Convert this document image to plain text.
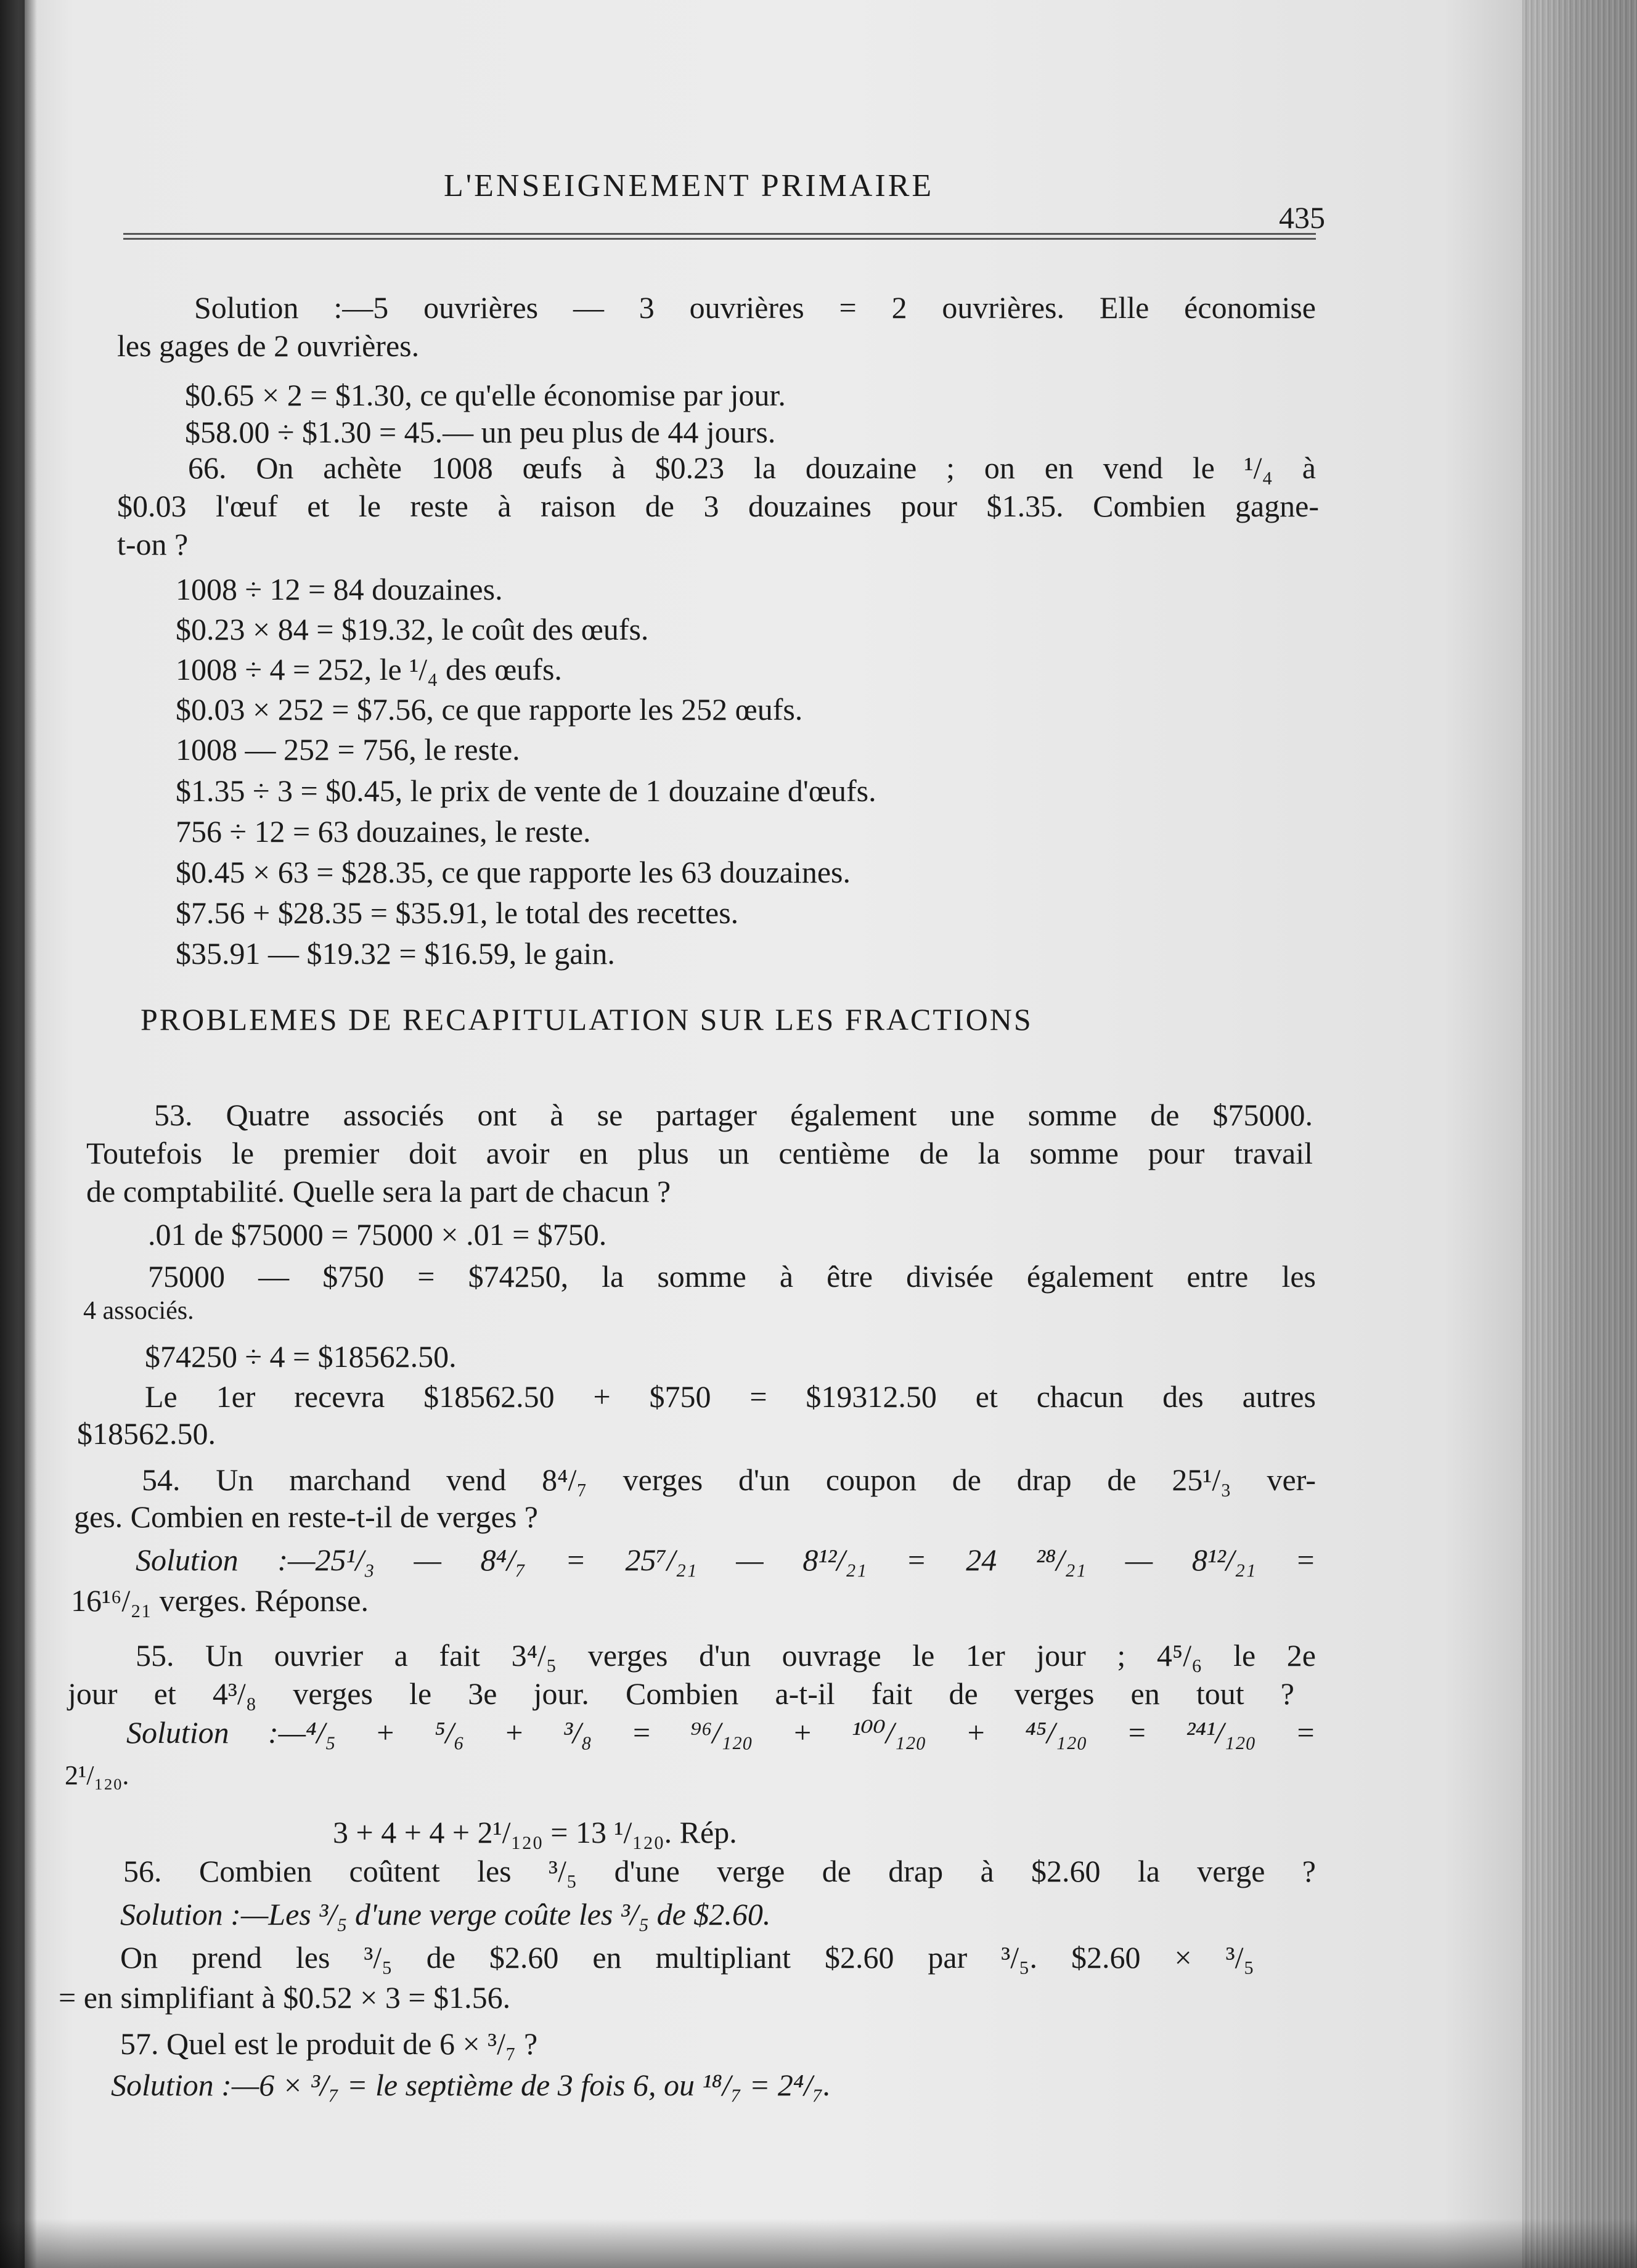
L'ENSEIGNEMENT PRIMAIRE
435
Solution :—5 ouvrières — 3 ouvrières = 2 ouvrières. Elle économise
les gages de 2 ouvrières.
$0.65 × 2 = $1.30, ce qu'elle économise par jour.
$58.00 ÷ $1.30 = 45.— un peu plus de 44 jours.
66. On achète 1008 œufs à $0.23 la douzaine ; on en vend le ¹/₄ à
$0.03 l'œuf et le reste à raison de 3 douzaines pour $1.35. Combien gagne-
t-on ?
1008 ÷ 12 = 84 douzaines.
$0.23 × 84 = $19.32, le coût des œufs.
1008 ÷ 4 = 252, le ¹/₄ des œufs.
$0.03 × 252 = $7.56, ce que rapporte les 252 œufs.
1008 — 252 = 756, le reste.
$1.35 ÷ 3 = $0.45, le prix de vente de 1 douzaine d'œufs.
756 ÷ 12 = 63 douzaines, le reste.
$0.45 × 63 = $28.35, ce que rapporte les 63 douzaines.
$7.56 + $28.35 = $35.91, le total des recettes.
$35.91 — $19.32 = $16.59, le gain.
PROBLEMES DE RECAPITULATION SUR LES FRACTIONS
53. Quatre associés ont à se partager également une somme de $75000.
Toutefois le premier doit avoir en plus un centième de la somme pour travail
de comptabilité. Quelle sera la part de chacun ?
.01 de $75000 = 75000 × .01 = $750.
75000 — $750 = $74250, la somme à être divisée également entre les
4 associés.
$74250 ÷ 4 = $18562.50.
Le 1er recevra $18562.50 + $750 = $19312.50 et chacun des autres
$18562.50.
54. Un marchand vend 8⁴/₇ verges d'un coupon de drap de 25¹/₃ ver-
ges. Combien en reste-t-il de verges ?
Solution :—25¹/₃ — 8⁴/₇ = 25⁷/₂₁ — 8¹²/₂₁ = 24 ²⁸/₂₁ — 8¹²/₂₁ =
16¹⁶/₂₁ verges. Réponse.
55. Un ouvrier a fait 3⁴/₅ verges d'un ouvrage le 1er jour ; 4⁵/₆ le 2e
jour et 4³/₈ verges le 3e jour. Combien a-t-il fait de verges en tout ?
Solution :—⁴/₅ + ⁵/₆ + ³/₈ = ⁹⁶/₁₂₀ + ¹⁰⁰/₁₂₀ + ⁴⁵/₁₂₀ = ²⁴¹/₁₂₀ =
2¹/₁₂₀.
3 + 4 + 4 + 2¹/₁₂₀ = 13 ¹/₁₂₀. Rép.
56. Combien coûtent les ³/₅ d'une verge de drap à $2.60 la verge ?
Solution :—Les ³/₅ d'une verge coûte les ³/₅ de $2.60.
On prend les ³/₅ de $2.60 en multipliant $2.60 par ³/₅. $2.60 × ³/₅
= en simplifiant à $0.52 × 3 = $1.56.
57. Quel est le produit de 6 × ³/₇ ?
Solution :—6 × ³/₇ = le septième de 3 fois 6, ou ¹⁸/₇ = 2⁴/₇.
